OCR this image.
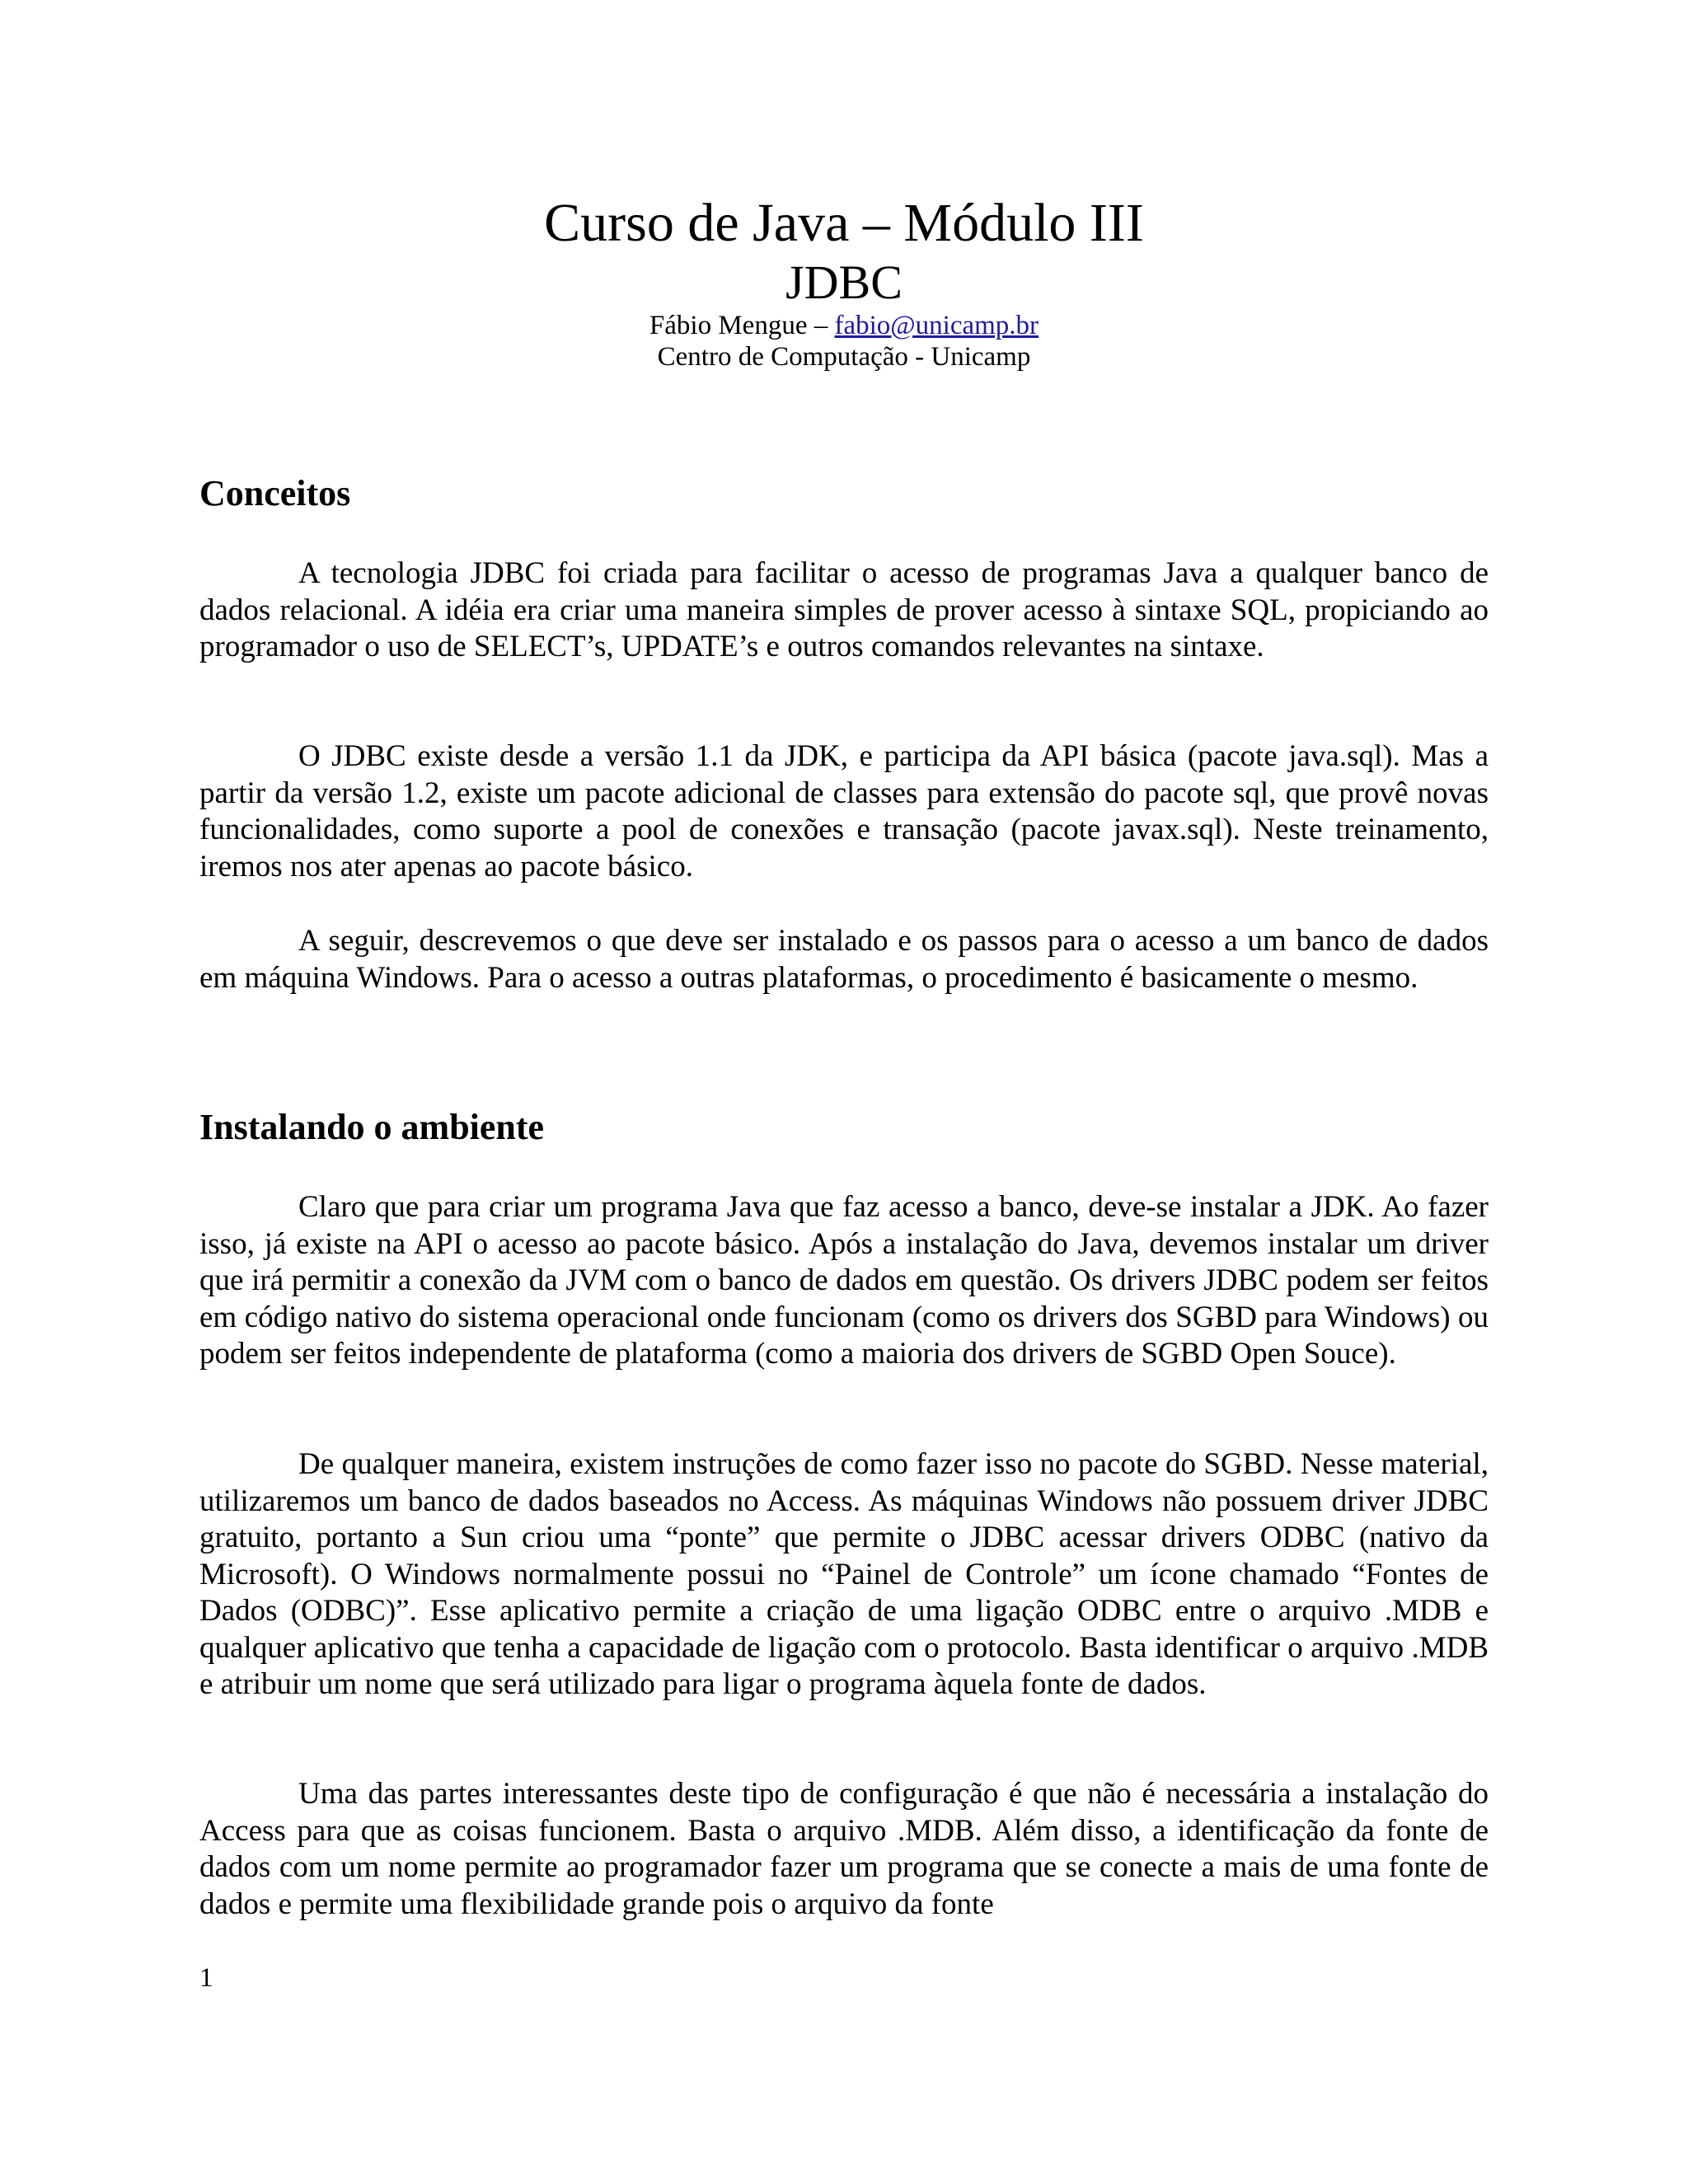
Curso de Java – Módulo III
JDBC

Fábio Mengue – fabio@unicamp.br

Centro de Computação - Unicamp

Conceitos

A tecnologia JDBC foi criada para facilitar o acesso de programas Java a qualquer banco de dados relacional. A idéia era criar uma maneira simples de prover acesso à sintaxe SQL, propiciando ao programador o uso de SELECT’s, UPDATE’s e outros comandos relevantes na sintaxe.

O JDBC existe desde a versão 1.1 da JDK, e participa da API básica (pacote java.sql). Mas a partir da versão 1.2, existe um pacote adicional de classes para extensão do pacote sql, que provê novas funcionalidades, como suporte a pool de conexões e transação (pacote javax.sql). Neste treinamento, iremos nos ater apenas ao pacote básico.

A seguir, descrevemos o que deve ser instalado e os passos para o acesso a um banco de dados em máquina Windows. Para o acesso a outras plataformas, o procedimento é basicamente o mesmo.

Instalando o ambiente

Claro que para criar um programa Java que faz acesso a banco, deve-se instalar a JDK. Ao fazer isso, já existe na API o acesso ao pacote básico. Após a instalação do Java, devemos instalar um driver que irá permitir a conexão da JVM com o banco de dados em questão. Os drivers JDBC podem ser feitos em código nativo do sistema operacional onde funcionam (como os drivers dos SGBD para Windows) ou podem ser feitos independente de plataforma (como a maioria dos drivers de SGBD Open Souce).

De qualquer maneira, existem instruções de como fazer isso no pacote do SGBD. Nesse material, utilizaremos um banco de dados baseados no Access. As máquinas Windows não possuem driver JDBC gratuito, portanto a Sun criou uma “ponte” que permite o JDBC acessar drivers ODBC (nativo da Microsoft). O Windows normalmente possui no “Painel de Controle” um ícone chamado “Fontes de Dados (ODBC)”. Esse aplicativo permite a criação de uma ligação ODBC entre o arquivo .MDB e qualquer aplicativo que tenha a capacidade de ligação com o protocolo. Basta identificar o arquivo .MDB e atribuir um nome que será utilizado para ligar o programa àquela fonte de dados.

Uma das partes interessantes deste tipo de configuração é que não é necessária a instalação do Access para que as coisas funcionem. Basta o arquivo .MDB. Além disso, a identificação da fonte de dados com um nome permite ao programador fazer um programa que se conecte a mais de uma fonte de dados e permite uma flexibilidade grande pois o arquivo da fonte

1
